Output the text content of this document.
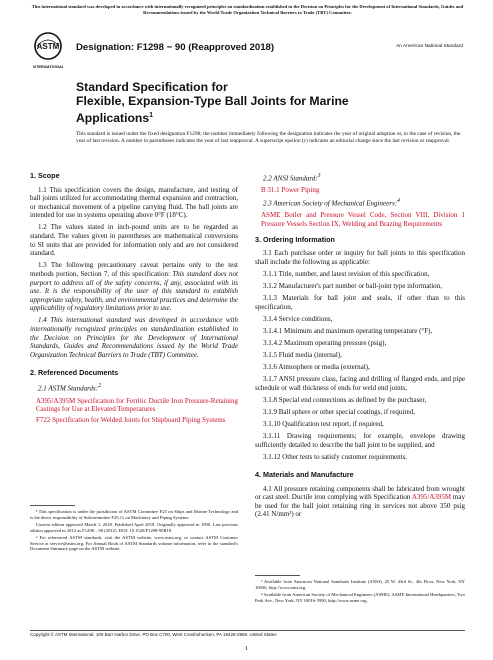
This international standard was developed in accordance with internationally recognized principles on standardization established in the Decision on Principles for the Development of International Standards, Guides and Recommendations issued by the World Trade Organization Technical Barriers to Trade (TBT) Committee.
ASTM
INTERNATIONAL
Designation: F1298 − 90 (Reapproved 2018)	An American National Standard
Standard Specification for
Flexible, Expansion-Type Ball Joints for Marine
Applications$^1$
This standard is issued under the fixed designation F1298; the number immediately following the designation indicates the year of original adoption or, in the case of revision, the year of last revision. A number in parentheses indicates the year of last reapproval. A superscript epsilon (ε) indicates an editorial change since the last revision or reapproval.
1. Scope

1.1 This specification covers the design, manufacture, and testing of ball joints utilized for accommodating thermal expansion and contraction, or mechanical movement of a pipeline carrying fluid. The ball joints are intended for use in systems operating above 0°F (18°C).

1.2 The values stated in inch-pound units are to be regarded as standard. The values given in parentheses are mathematical conversions to SI units that are provided for information only and are not considered standard.

1.3 The following precautionary caveat pertains only to the test methods portion, Section 7, of this specification: This standard does not purport to address all of the safety concerns, if any, associated with its use. It is the responsibility of the user of this standard to establish appropriate safety, health, and environmental practices and determine the applicability of regulatory limitations prior to use.

1.4 This international standard was developed in accordance with internationally recognized principles on standardization established in the Decision on Principles for the Development of International Standards, Guides and Recommendations issued by the World Trade Organization Technical Barriers to Trade (TBT) Committee.

2. Referenced Documents

2.1 ASTM Standards:$^2$

A395/A395M Specification for Ferritic Ductile Iron Pressure-Retaining Castings for Use at Elevated Temperatures

F722 Specification for Welded Joints for Shipboard Piping Systems

2.2 ANSI Standard:$^3$

B 31.1 Power Piping

2.3 American Society of Mechanical Engineers:$^4$

ASME Boiler and Pressure Vessel Code, Section VIII, Division 1 Pressure Vessels Section IX, Welding and Brazing Requirements

3. Ordering Information

3.1 Each purchase order or inquiry for ball joints to this specification shall include the following as applicable:

3.1.1 Title, number, and latest revision of this specification,

3.1.2 Manufacturer's part number or ball-joint type information,

3.1.3 Materials for ball joint and seals, if other than to this specification,

3.1.4 Service conditions,

3.1.4.1 Minimum and maximum operating temperature (°F),

3.1.4.2 Maximum operating pressure (psig),

3.1.5 Fluid media (internal),

3.1.6 Atmosphere or media (external),

3.1.7 ANSI pressure class, facing and drilling of flanged ends, and pipe schedule or wall thickness of ends for weld end joints,

3.1.8 Special end connections as defined by the purchaser,

3.1.9 Ball sphere or other special coatings, if required,

3.1.10 Qualification test report, if required,

3.1.11 Drawing requirements; for example, envelope drawing sufficiently detailed to describe the ball joint to be supplied, and

3.1.12 Other tests to satisfy customer requirements.

4. Materials and Manufacture

4.1 All pressure retaining components shall be fabricated from wrought or cast steel. Ductile iron complying with Specification A395/A395M may be used for the ball joint retaining ring in services not above 350 psig (2.41 N/mm²) or

¹ This specification is under the jurisdiction of ASTM Committee F25 on Ships and Marine Technology and is the direct responsibility of Subcommittee F25.11 on Machinery and Piping Systems.

Current edition approved March 1, 2018. Published April 2018. Originally approved in 1990. Last previous edition approved in 2012 as F1298 – 90 (2012). DOI: 10.1520/F1298-90R18.

² For referenced ASTM standards, visit the ASTM website, www.astm.org, or contact ASTM Customer Service at service@astm.org. For Annual Book of ASTM Standards volume information, refer to the standard's Document Summary page on the ASTM website.

³ Available from American National Standards Institute (ANSI), 25 W. 43rd St., 4th Floor, New York, NY 10036, http://www.ansi.org.

⁴ Available from American Society of Mechanical Engineers (ASME), ASME International Headquarters, Two Park Ave., New York, NY 10016-5990, http://www.asme.org.

Copyright © ASTM International, 100 Barr Harbor Drive, PO Box C700, West Conshohocken, PA 19428-2959. United States
1
